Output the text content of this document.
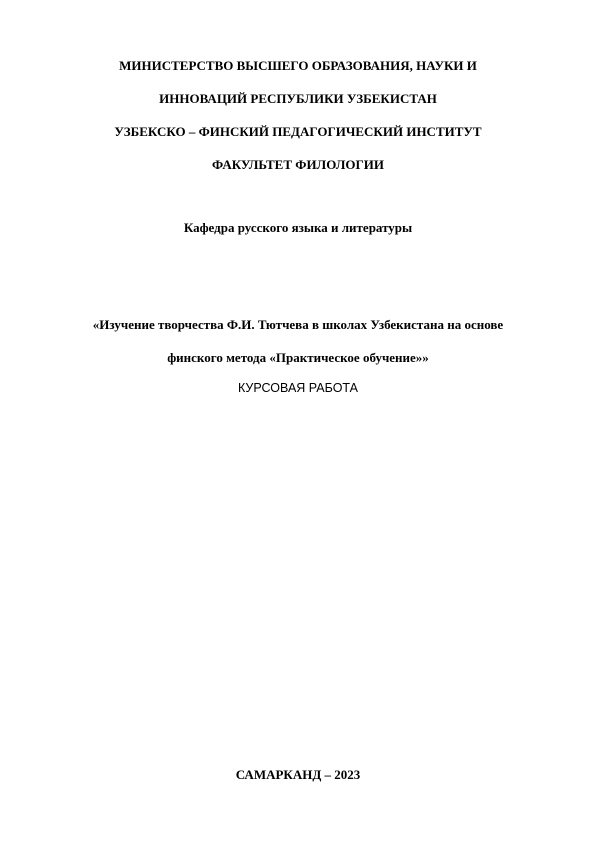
МИНИСТЕРСТВО ВЫСШЕГО ОБРАЗОВАНИЯ, НАУКИ И
ИННОВАЦИЙ РЕСПУБЛИКИ УЗБЕКИСТАН
УЗБЕКСКО – ФИНСКИЙ ПЕДАГОГИЧЕСКИЙ ИНСТИТУТ
ФАКУЛЬТЕТ ФИЛОЛОГИИ
Кафедра русского языка и литературы
«Изучение творчества Ф.И. Тютчева в школах Узбекистана на основе
финского метода «Практическое обучение»»
КУРСОВАЯ РАБОТА
САМАРКАНД – 2023
